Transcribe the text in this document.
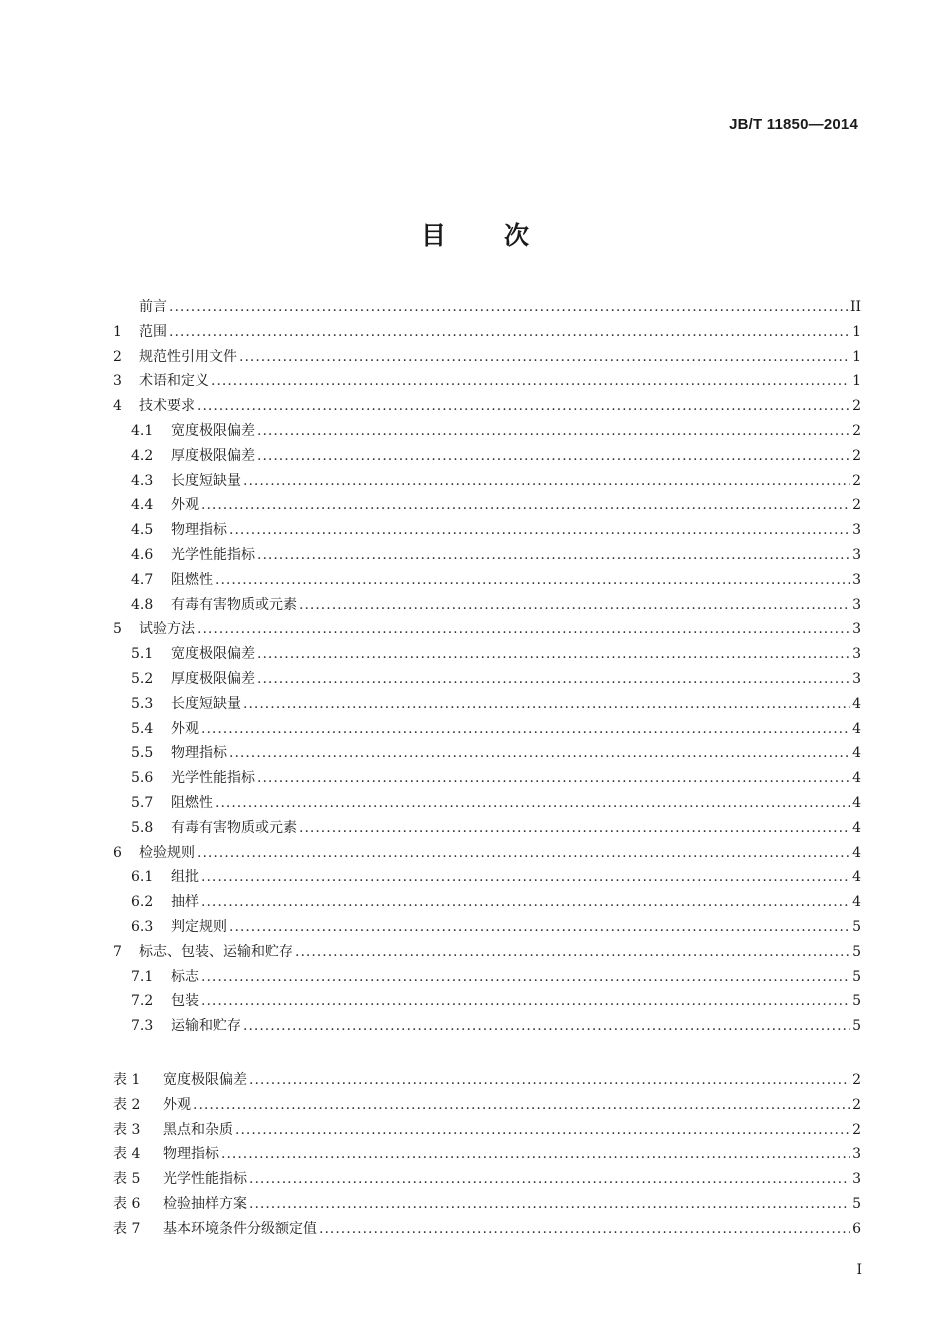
JB/T 11850—2014
目次
前言 .....	II
1	范围 .....	1
2	规范性引用文件 .....	1
3	术语和定义 .....	1
4	技术要求 .....	2
4.1	宽度极限偏差 .....	2
4.2	厚度极限偏差 .....	2
4.3	长度短缺量 .....	2
4.4	外观 .....	2
4.5	物理指标 .....	3
4.6	光学性能指标 .....	3
4.7	阻燃性 .....	3
4.8	有毒有害物质或元素 .....	3
5	试验方法 .....	3
5.1	宽度极限偏差 .....	3
5.2	厚度极限偏差 .....	3
5.3	长度短缺量 .....	4
5.4	外观 .....	4
5.5	物理指标 .....	4
5.6	光学性能指标 .....	4
5.7	阻燃性 .....	4
5.8	有毒有害物质或元素 .....	4
6	检验规则 .....	4
6.1	组批 .....	4
6.2	抽样 .....	4
6.3	判定规则 .....	5
7	标志、包装、运输和贮存 .....	5
7.1	标志 .....	5
7.2	包装 .....	5
7.3	运输和贮存 .....	5
表 1	宽度极限偏差 .....	2
表 2	外观 .....	2
表 3	黑点和杂质 .....	2
表 4	物理指标 .....	3
表 5	光学性能指标 .....	3
表 6	检验抽样方案 .....	5
表 7	基本环境条件分级额定值 .....	6
I
